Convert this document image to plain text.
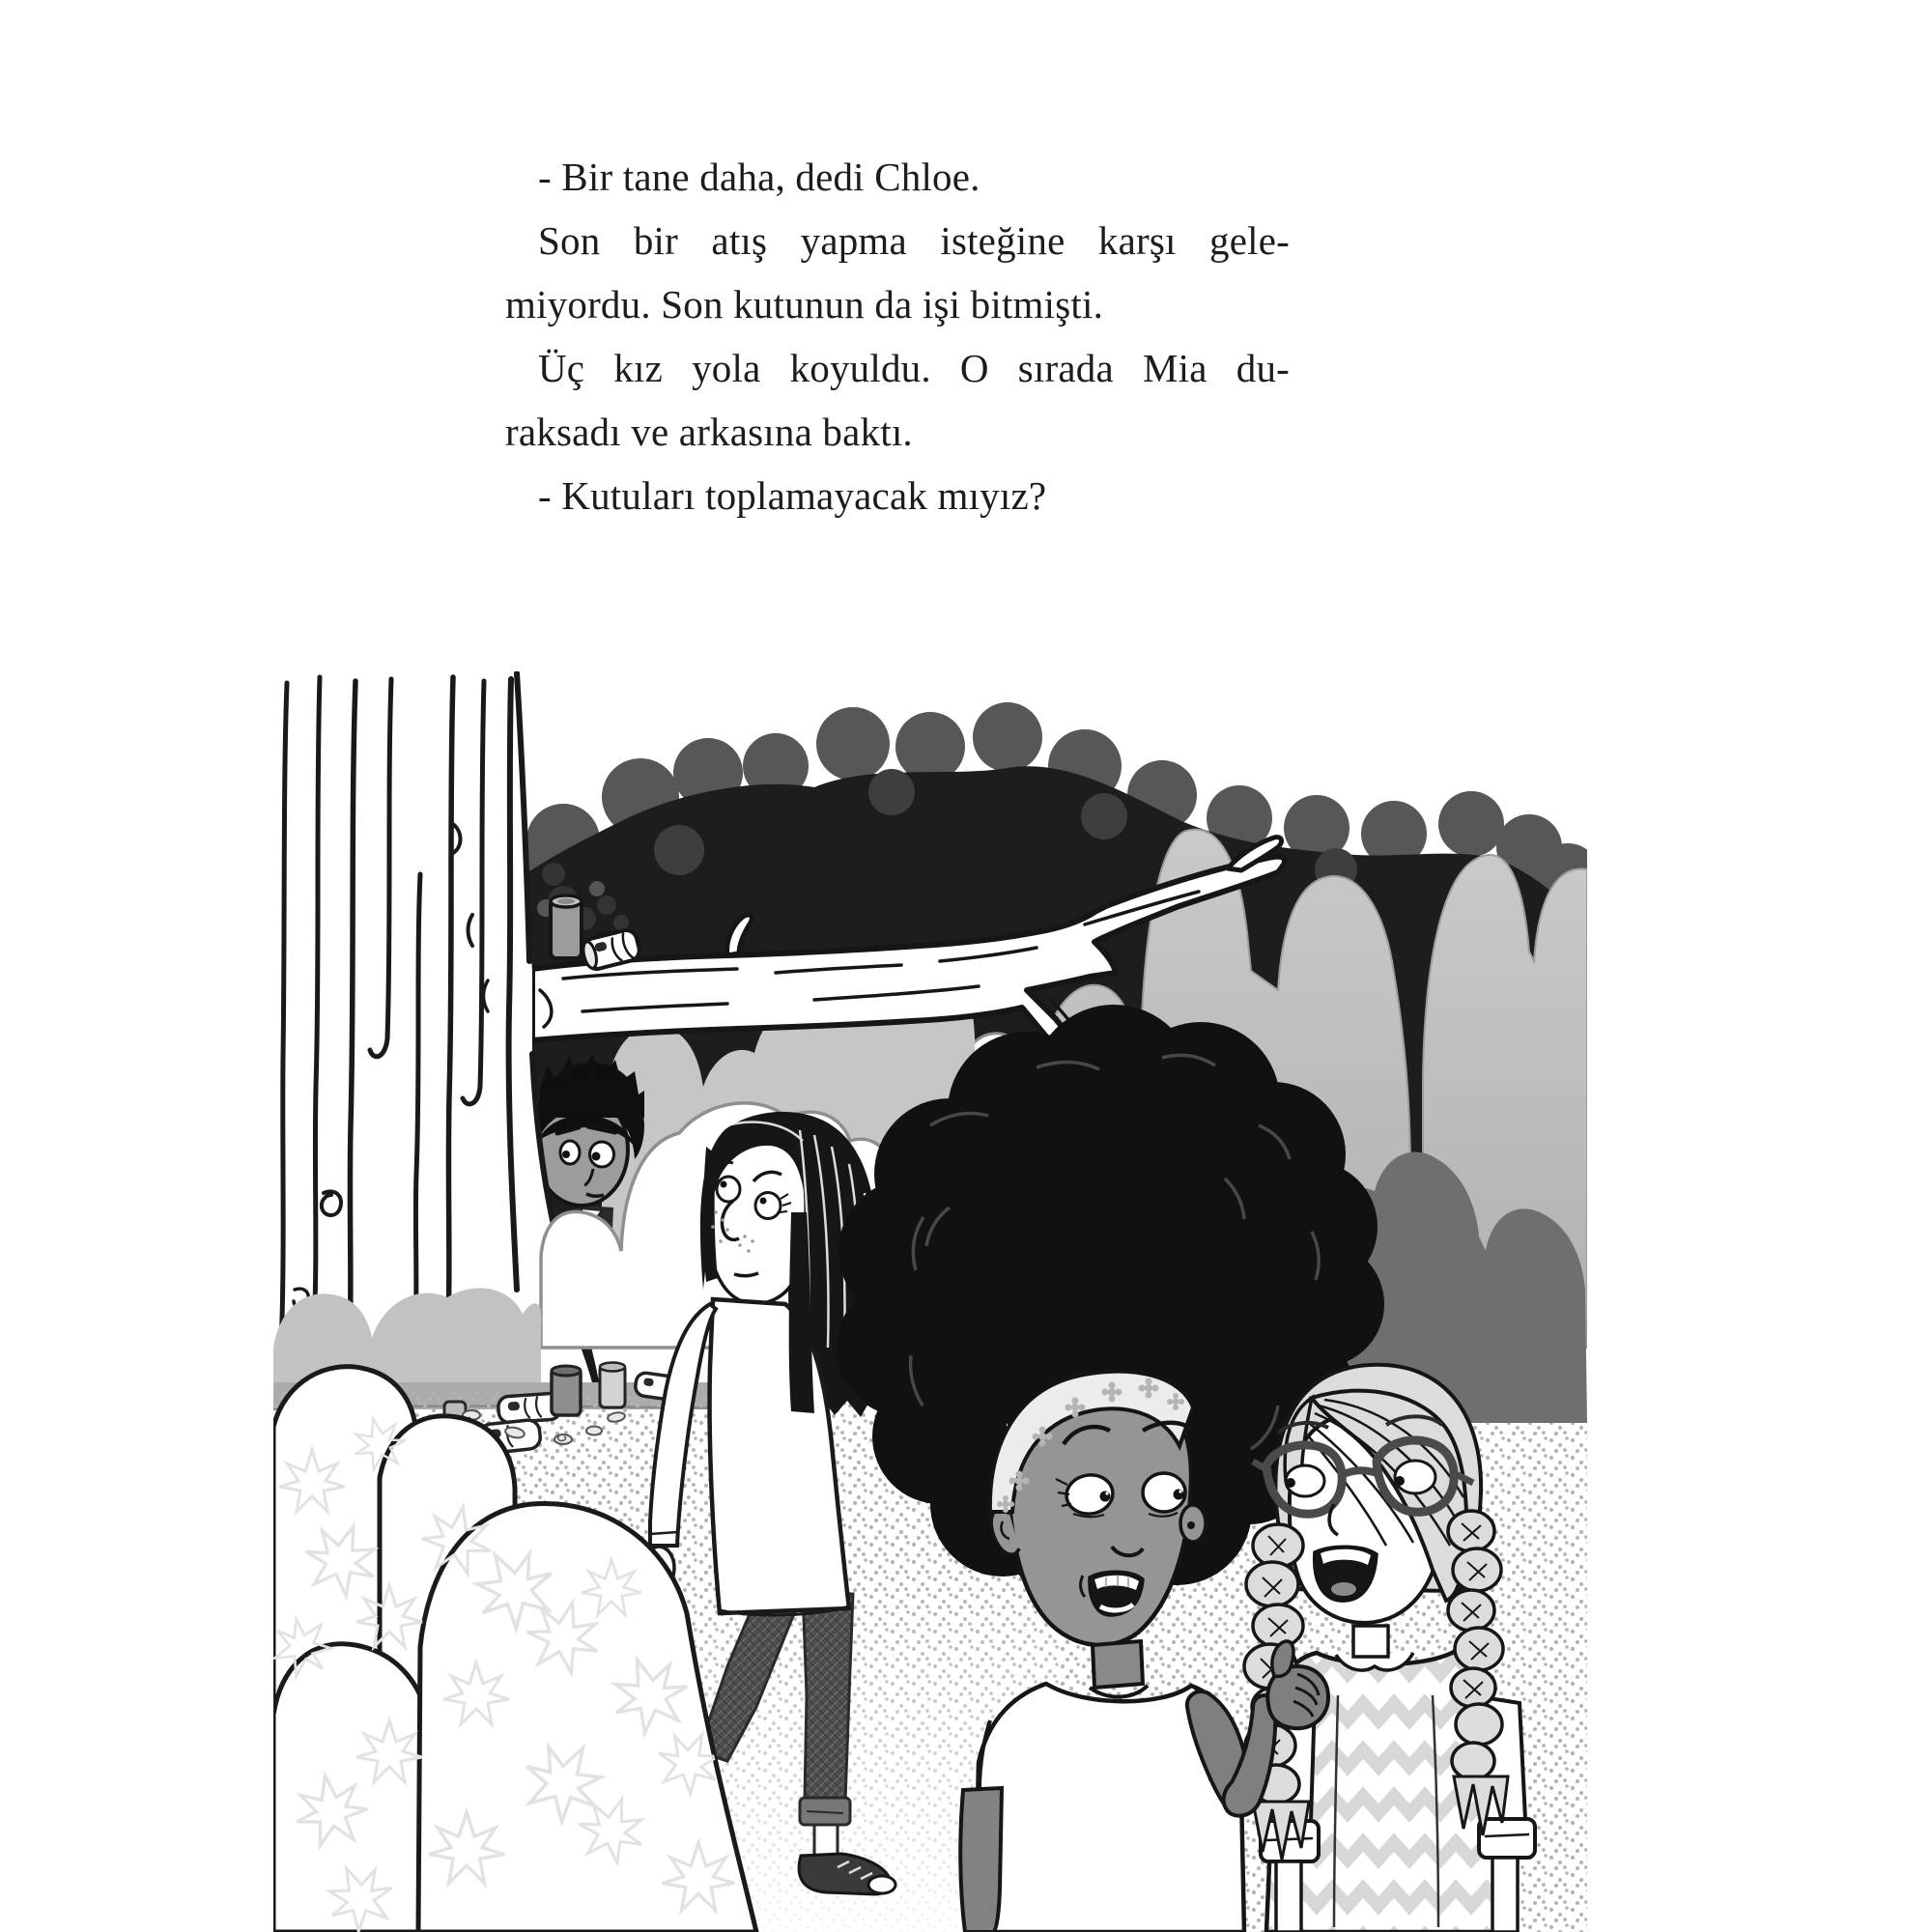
- Bir tane daha, dedi Chloe.
Son bir atış yapma isteğine karşı gele-
miyordu. Son kutunun da işi bitmişti.
Üç kız yola koyuldu. O sırada Mia du-
raksadı ve arkasına baktı.
- Kutuları toplamayacak mıyız?
